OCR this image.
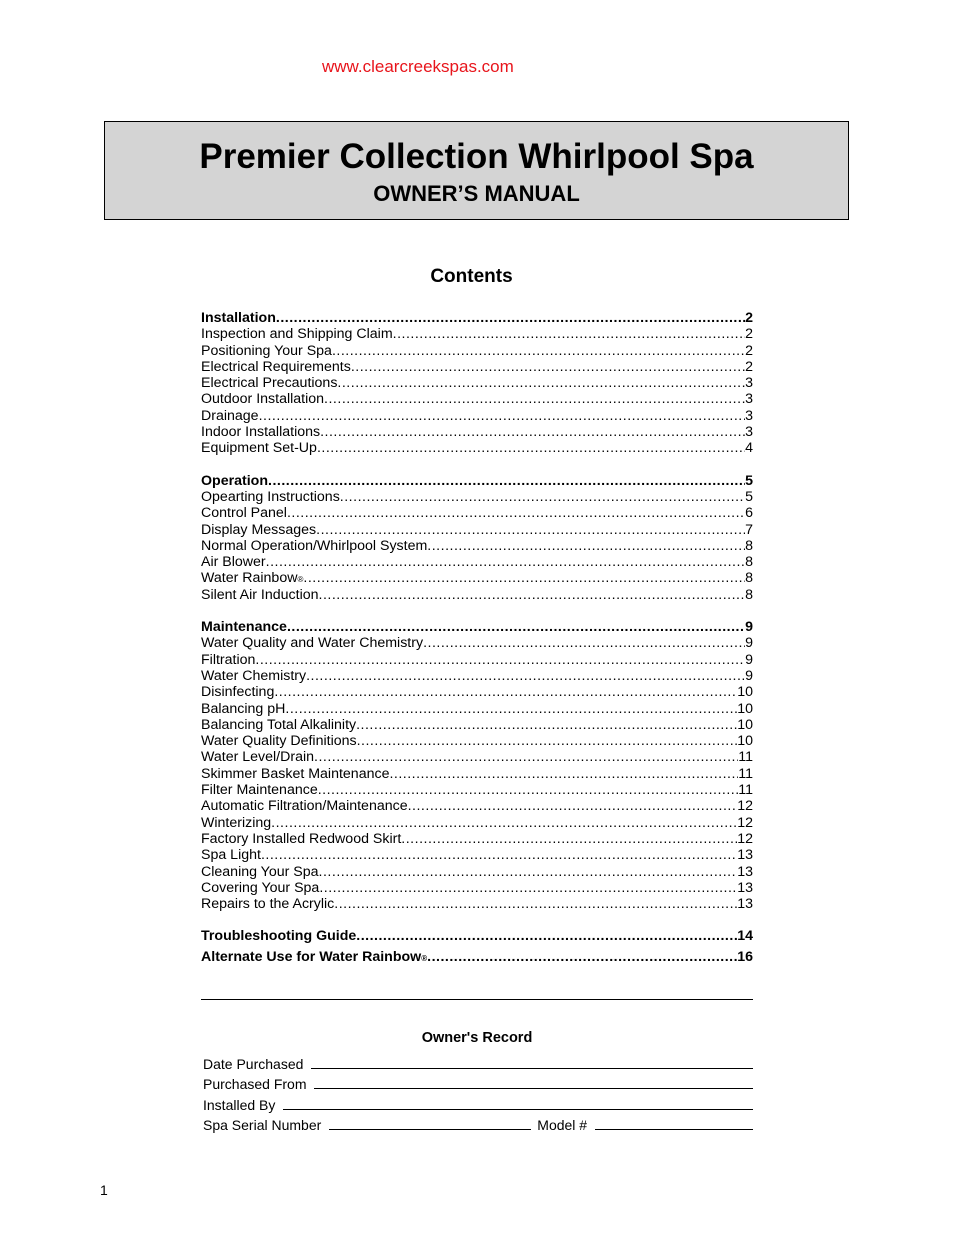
www.clearcreekspas.com
Premier Collection Whirlpool Spa
OWNER’S MANUAL
Contents
Installation .....	2
Inspection and Shipping Claim .....	2
Positioning Your Spa .....	2
Electrical Requirements .....	2
Electrical Precautions .....	3
Outdoor Installation .....	3
Drainage .....	3
Indoor Installations .....	3
Equipment Set-Up .....	4
Operation .....	5
Opearting Instructions .....	5
Control Panel .....	6
Display Messages .....	7
Normal Operation/Whirlpool System .....	8
Air Blower .....	8
Water Rainbow ® .....	8
Silent Air Induction .....	8
Maintenance .....	9
Water Quality and Water Chemistry .....	9
Filtration .....	9
Water Chemistry .....	9
Disinfecting .....	10
Balancing pH .....	10
Balancing Total Alkalinity .....	10
Water Quality Definitions .....	10
Water Level/Drain .....	11
Skimmer Basket Maintenance .....	11
Filter Maintenance .....	11
Automatic Filtration/Maintenance .....	12
Winterizing .....	12
Factory Installed Redwood Skirt .....	12
Spa Light .....	13
Cleaning Your Spa .....	13
Covering Your Spa .....	13
Repairs to the Acrylic .....	13
Troubleshooting Guide .....	14
Alternate Use for Water Rainbow ® .....	16
Owner's Record
Date Purchased
Purchased From
Installed By
Spa Serial Number	Model #
1
